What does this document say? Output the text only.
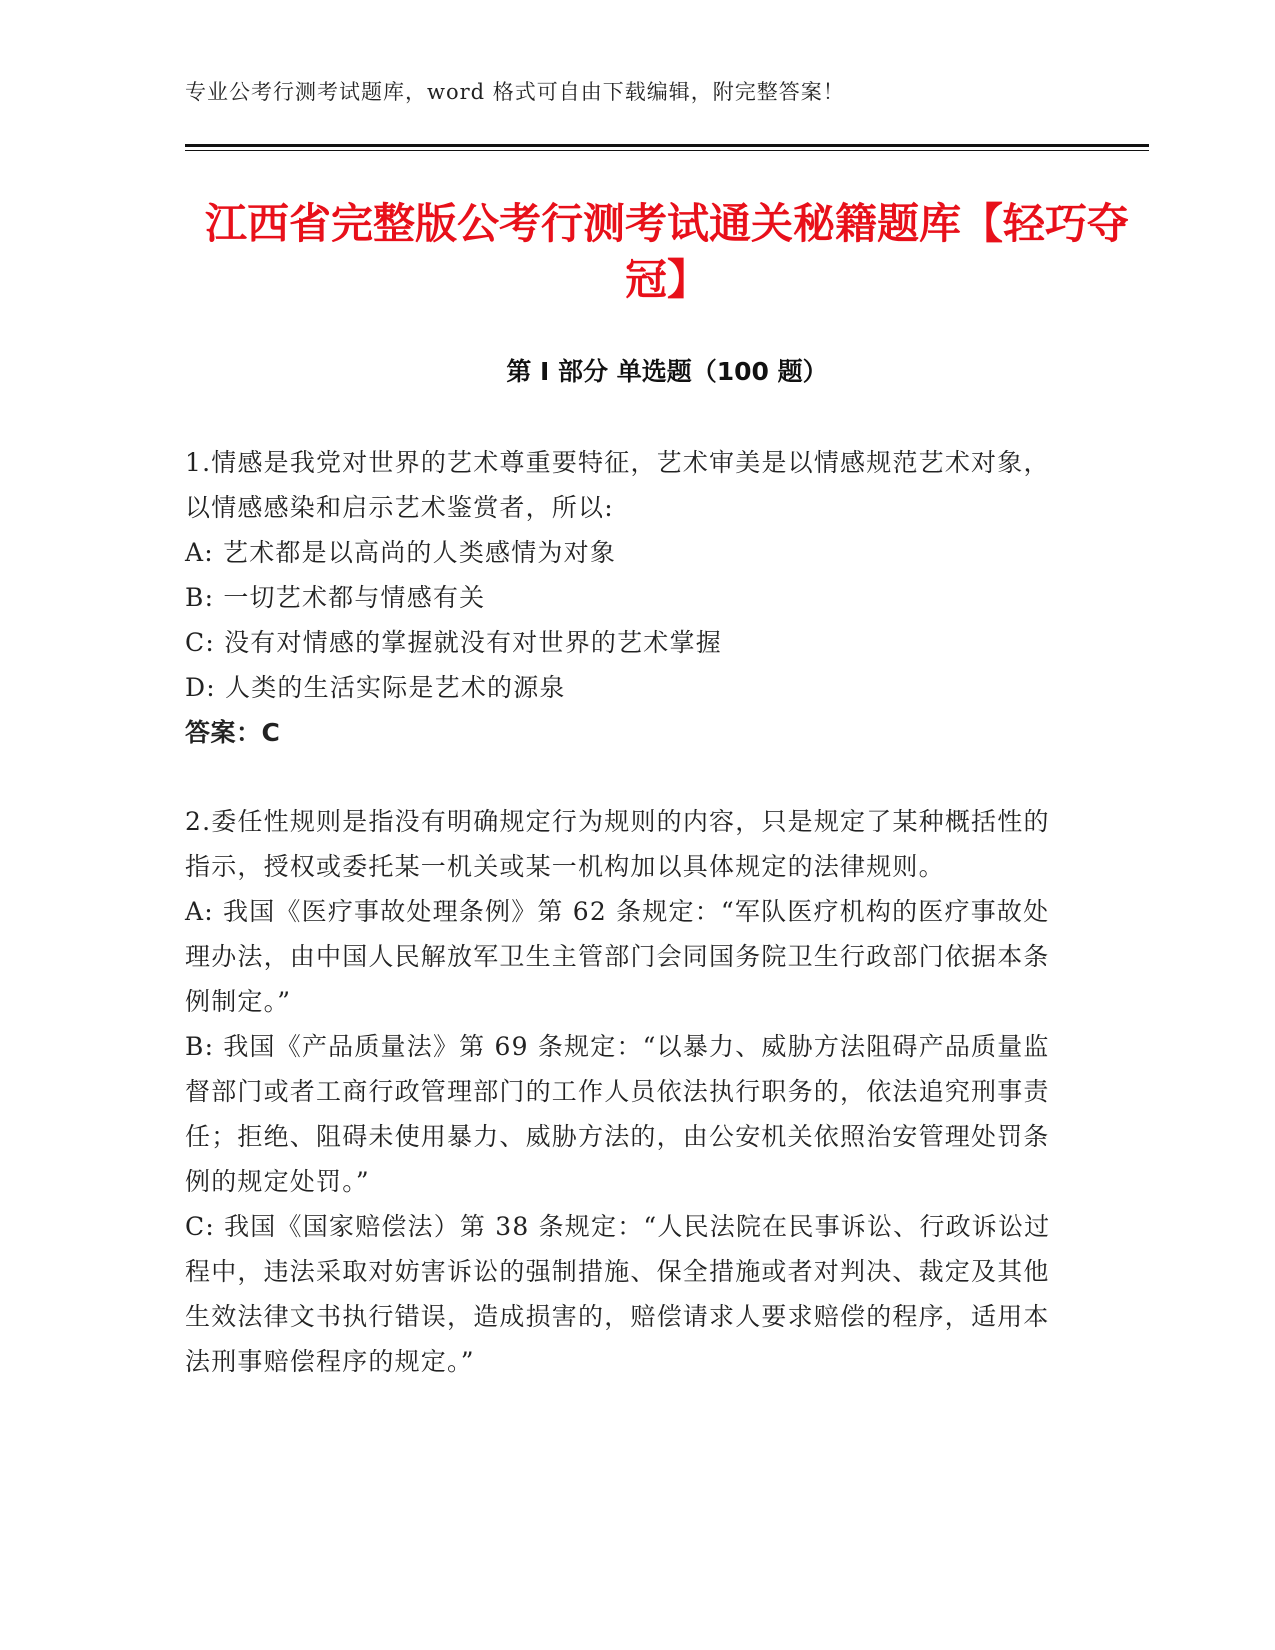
专业公考行测考试题库，word 格式可自由下载编辑，附完整答案！
江西省完整版公考行测考试通关秘籍题库【轻巧夺冠】
第 I 部分 单选题（100 题）

1.情感是我党对世界的艺术尊重要特征，艺术审美是以情感规范艺术对象，以情感感染和启示艺术鉴赏者，所以:

A: 艺术都是以高尚的人类感情为对象

B: 一切艺术都与情感有关

C: 没有对情感的掌握就没有对世界的艺术掌握

D: 人类的生活实际是艺术的源泉

答案：C

2.委任性规则是指没有明确规定行为规则的内容，只是规定了某种概括性的指示，授权或委托某一机关或某一机构加以具体规定的法律规则。

A: 我国《医疗事故处理条例》第 62 条规定：“军队医疗机构的医疗事故处理办法，由中国人民解放军卫生主管部门会同国务院卫生行政部门依据本条例制定。”

B: 我国《产品质量法》第 69 条规定：“以暴力、威胁方法阻碍产品质量监督部门或者工商行政管理部门的工作人员依法执行职务的，依法追究刑事责任；拒绝、阻碍未使用暴力、威胁方法的，由公安机关依照治安管理处罚条例的规定处罚。”

C: 我国《国家赔偿法）第 38 条规定：“人民法院在民事诉讼、行政诉讼过程中，违法采取对妨害诉讼的强制措施、保全措施或者对判决、裁定及其他生效法律文书执行错误，造成损害的，赔偿请求人要求赔偿的程序，适用本法刑事赔偿程序的规定。”
